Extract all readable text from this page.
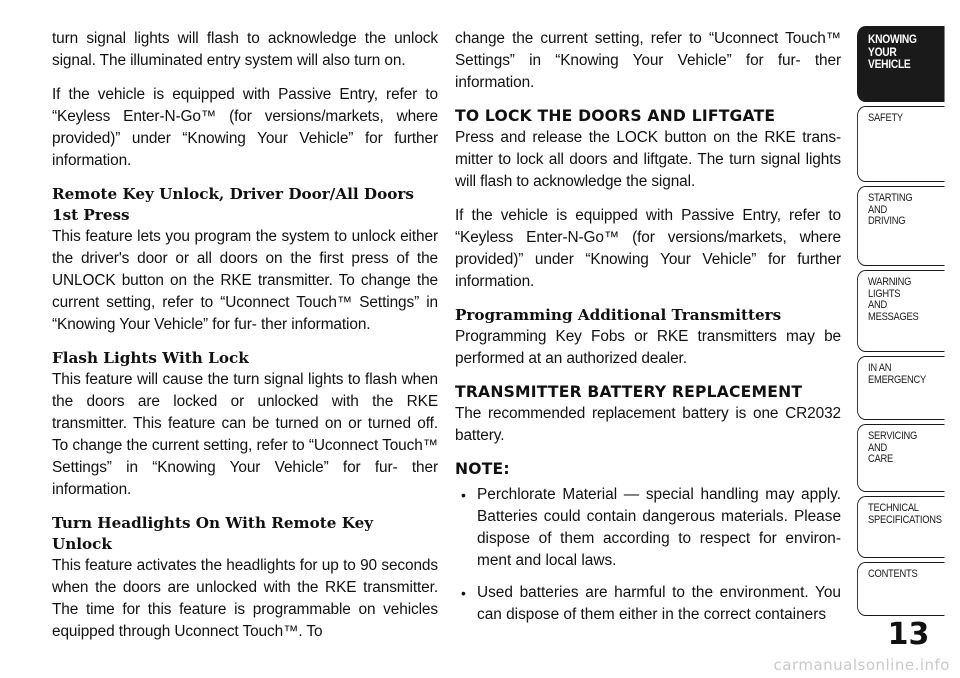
turn signal lights will flash to acknowledge the unlock signal. The illuminated entry system will also turn on.

If the vehicle is equipped with Passive Entry, refer to “Keyless Enter-N-Go™ (for versions/markets, where provided)” under “Knowing Your Vehicle” for further information.

Remote Key Unlock, Driver Door/All Doors 1st Press

This feature lets you program the system to unlock either the driver's door or all doors on the first press of the UNLOCK button on the RKE transmitter. To change the current setting, refer to “Uconnect Touch™ Settings” in “Knowing Your Vehicle” for fur- ther information.

Flash Lights With Lock

This feature will cause the turn signal lights to flash when the doors are locked or unlocked with the RKE transmitter. This feature can be turned on or turned off. To change the current setting, refer to “Uconnect Touch™ Settings” in “Knowing Your Vehicle” for fur- ther information.

Turn Headlights On With Remote Key Unlock

This feature activates the headlights for up to 90 seconds when the doors are unlocked with the RKE transmitter. The time for this feature is programmable on vehicles equipped through Uconnect Touch™. To

change the current setting, refer to “Uconnect Touch™ Settings” in “Knowing Your Vehicle” for fur- ther information.

TO LOCK THE DOORS AND LIFTGATE

Press and release the LOCK button on the RKE trans- mitter to lock all doors and liftgate. The turn signal lights will flash to acknowledge the signal.

If the vehicle is equipped with Passive Entry, refer to “Keyless Enter-N-Go™ (for versions/markets, where provided)” under “Knowing Your Vehicle” for further information.

Programming Additional Transmitters

Programming Key Fobs or RKE transmitters may be performed at an authorized dealer.

TRANSMITTER BATTERY REPLACEMENT

The recommended replacement battery is one CR2032 battery.

NOTE:
• Perchlorate Material — special handling may apply. Batteries could contain dangerous materials. Please dispose of them according to respect for environ- ment and local laws.
• Used batteries are harmful to the environment. You can dispose of them either in the correct containers
KNOWING
YOUR
VEHICLE
SAFETY
STARTING
AND
DRIVING
WARNING
LIGHTS
AND
MESSAGES
IN AN
EMERGENCY
SERVICING
AND
CARE
TECHNICAL
SPECIFICATIONS
CONTENTS
13
carmanualsonline.info
